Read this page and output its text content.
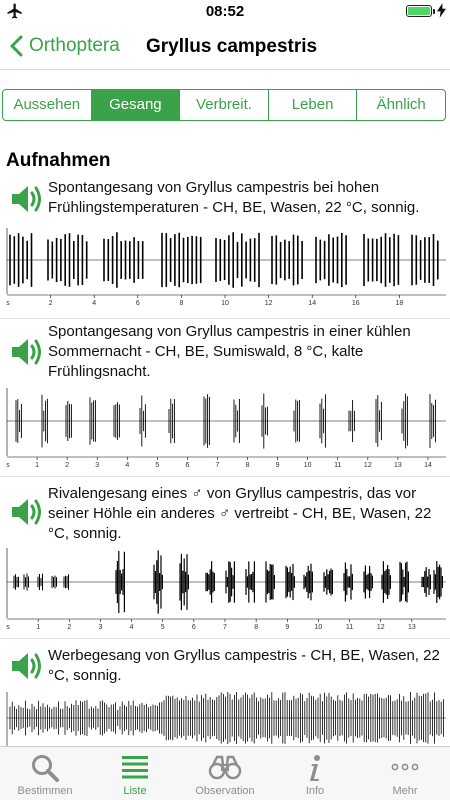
08:52
Orthoptera Gryllus campestris
Aussehen	Gesang	Verbreit.	Leben	Ähnlich
Aufnahmen
Spontangesang von Gryllus campestris bei hohen Frühlingstemperaturen - CH, BE, Wasen, 22 °C, sonnig.
s	2	4	6	8	10	12	14	16	18
Spontangesang von Gryllus campestris in einer kühlen Sommernacht - CH, BE, Sumiswald, 8 °C, kalte Frühlingsnacht.
s	1	2	3	4	5	6	7	8	9	10	11	12	13	14
Rivalengesang eines ♂ von Gryllus campestris, das vor seiner Höhle ein anderes ♂ vertreibt - CH, BE, Wasen, 22 °C, sonnig.
s	1	2	3	4	5	6	7	8	9	10	11	12	13
Werbegesang von Gryllus campestris - CH, BE, Wasen, 22 °C, sonnig.
Bestimmen	Liste	Observation	Info	Mehr
